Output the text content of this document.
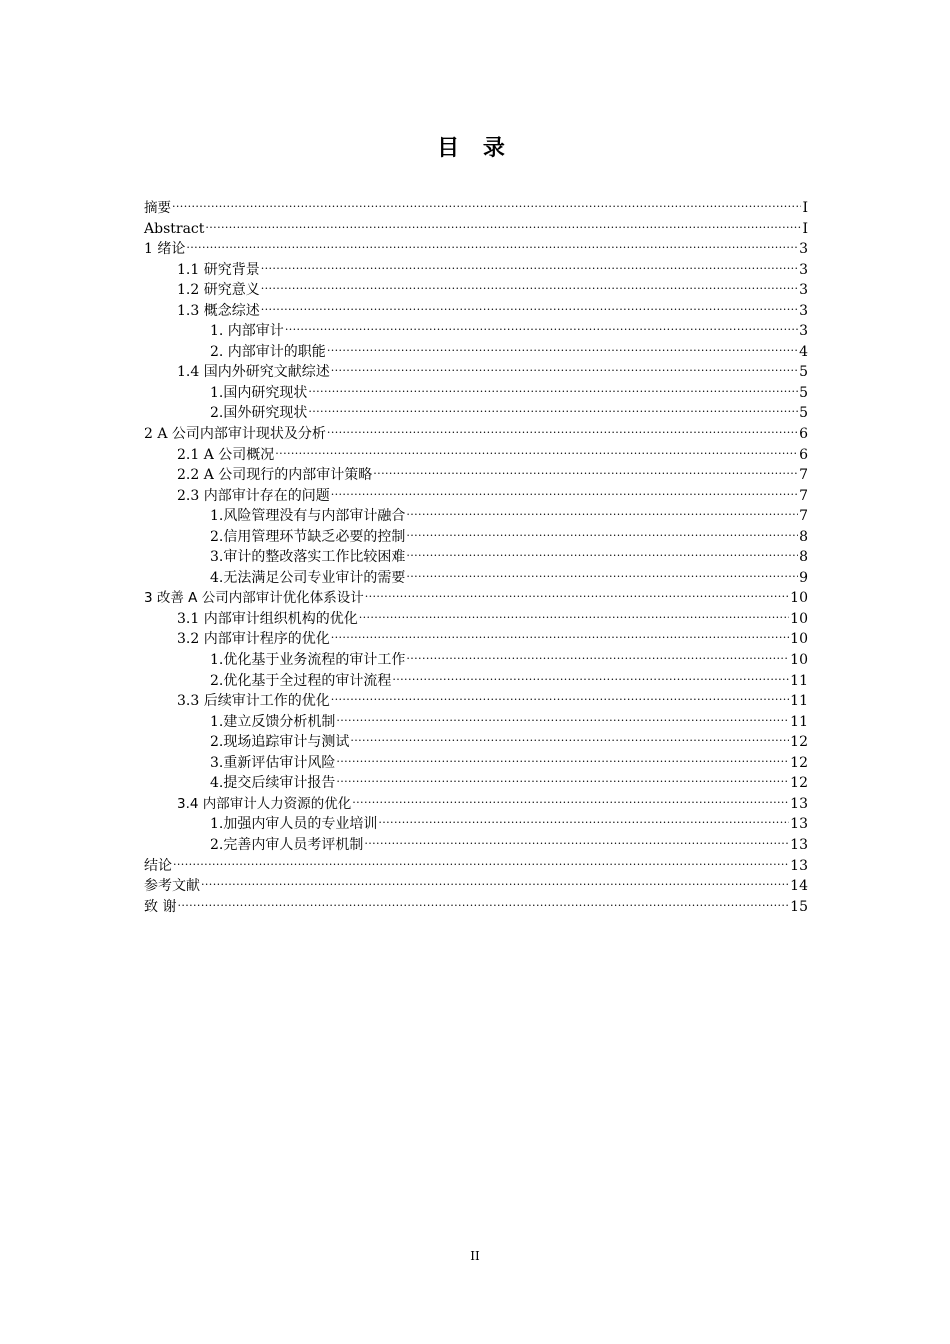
目 录
摘要 .....	I
Abstract .....	I
1 绪论 .....	3
1.1 研究背景 .....	3
1.2 研究意义 .....	3
1.3 概念综述 .....	3
1. 内部审计 .....	3
2. 内部审计的职能 .....	4
1.4 国内外研究文献综述 .....	5
1.国内研究现状 .....	5
2.国外研究现状 .....	5
2 A 公司内部审计现状及分析 .....	6
2.1 A 公司概况 .....	6
2.2 A 公司现行的内部审计策略 .....	7
2.3 内部审计存在的问题 .....	7
1.风险管理没有与内部审计融合 .....	7
2.信用管理环节缺乏必要的控制 .....	8
3.审计的整改落实工作比较困难 .....	8
4.无法满足公司专业审计的需要 .....	9
3 改善 A 公司内部审计优化体系设计 .....	10
3.1 内部审计组织机构的优化 .....	10
3.2 内部审计程序的优化 .....	10
1.优化基于业务流程的审计工作 .....	10
2.优化基于全过程的审计流程 .....	11
3.3 后续审计工作的优化 .....	11
1.建立反馈分析机制 .....	11
2.现场追踪审计与测试 .....	12
3.重新评估审计风险 .....	12
4.提交后续审计报告 .....	12
3.4 内部审计人力资源的优化 .....	13
1.加强内审人员的专业培训 .....	13
2.完善内审人员考评机制 .....	13
结论 .....	13
参考文献 .....	14
致 谢 .....	15
II
